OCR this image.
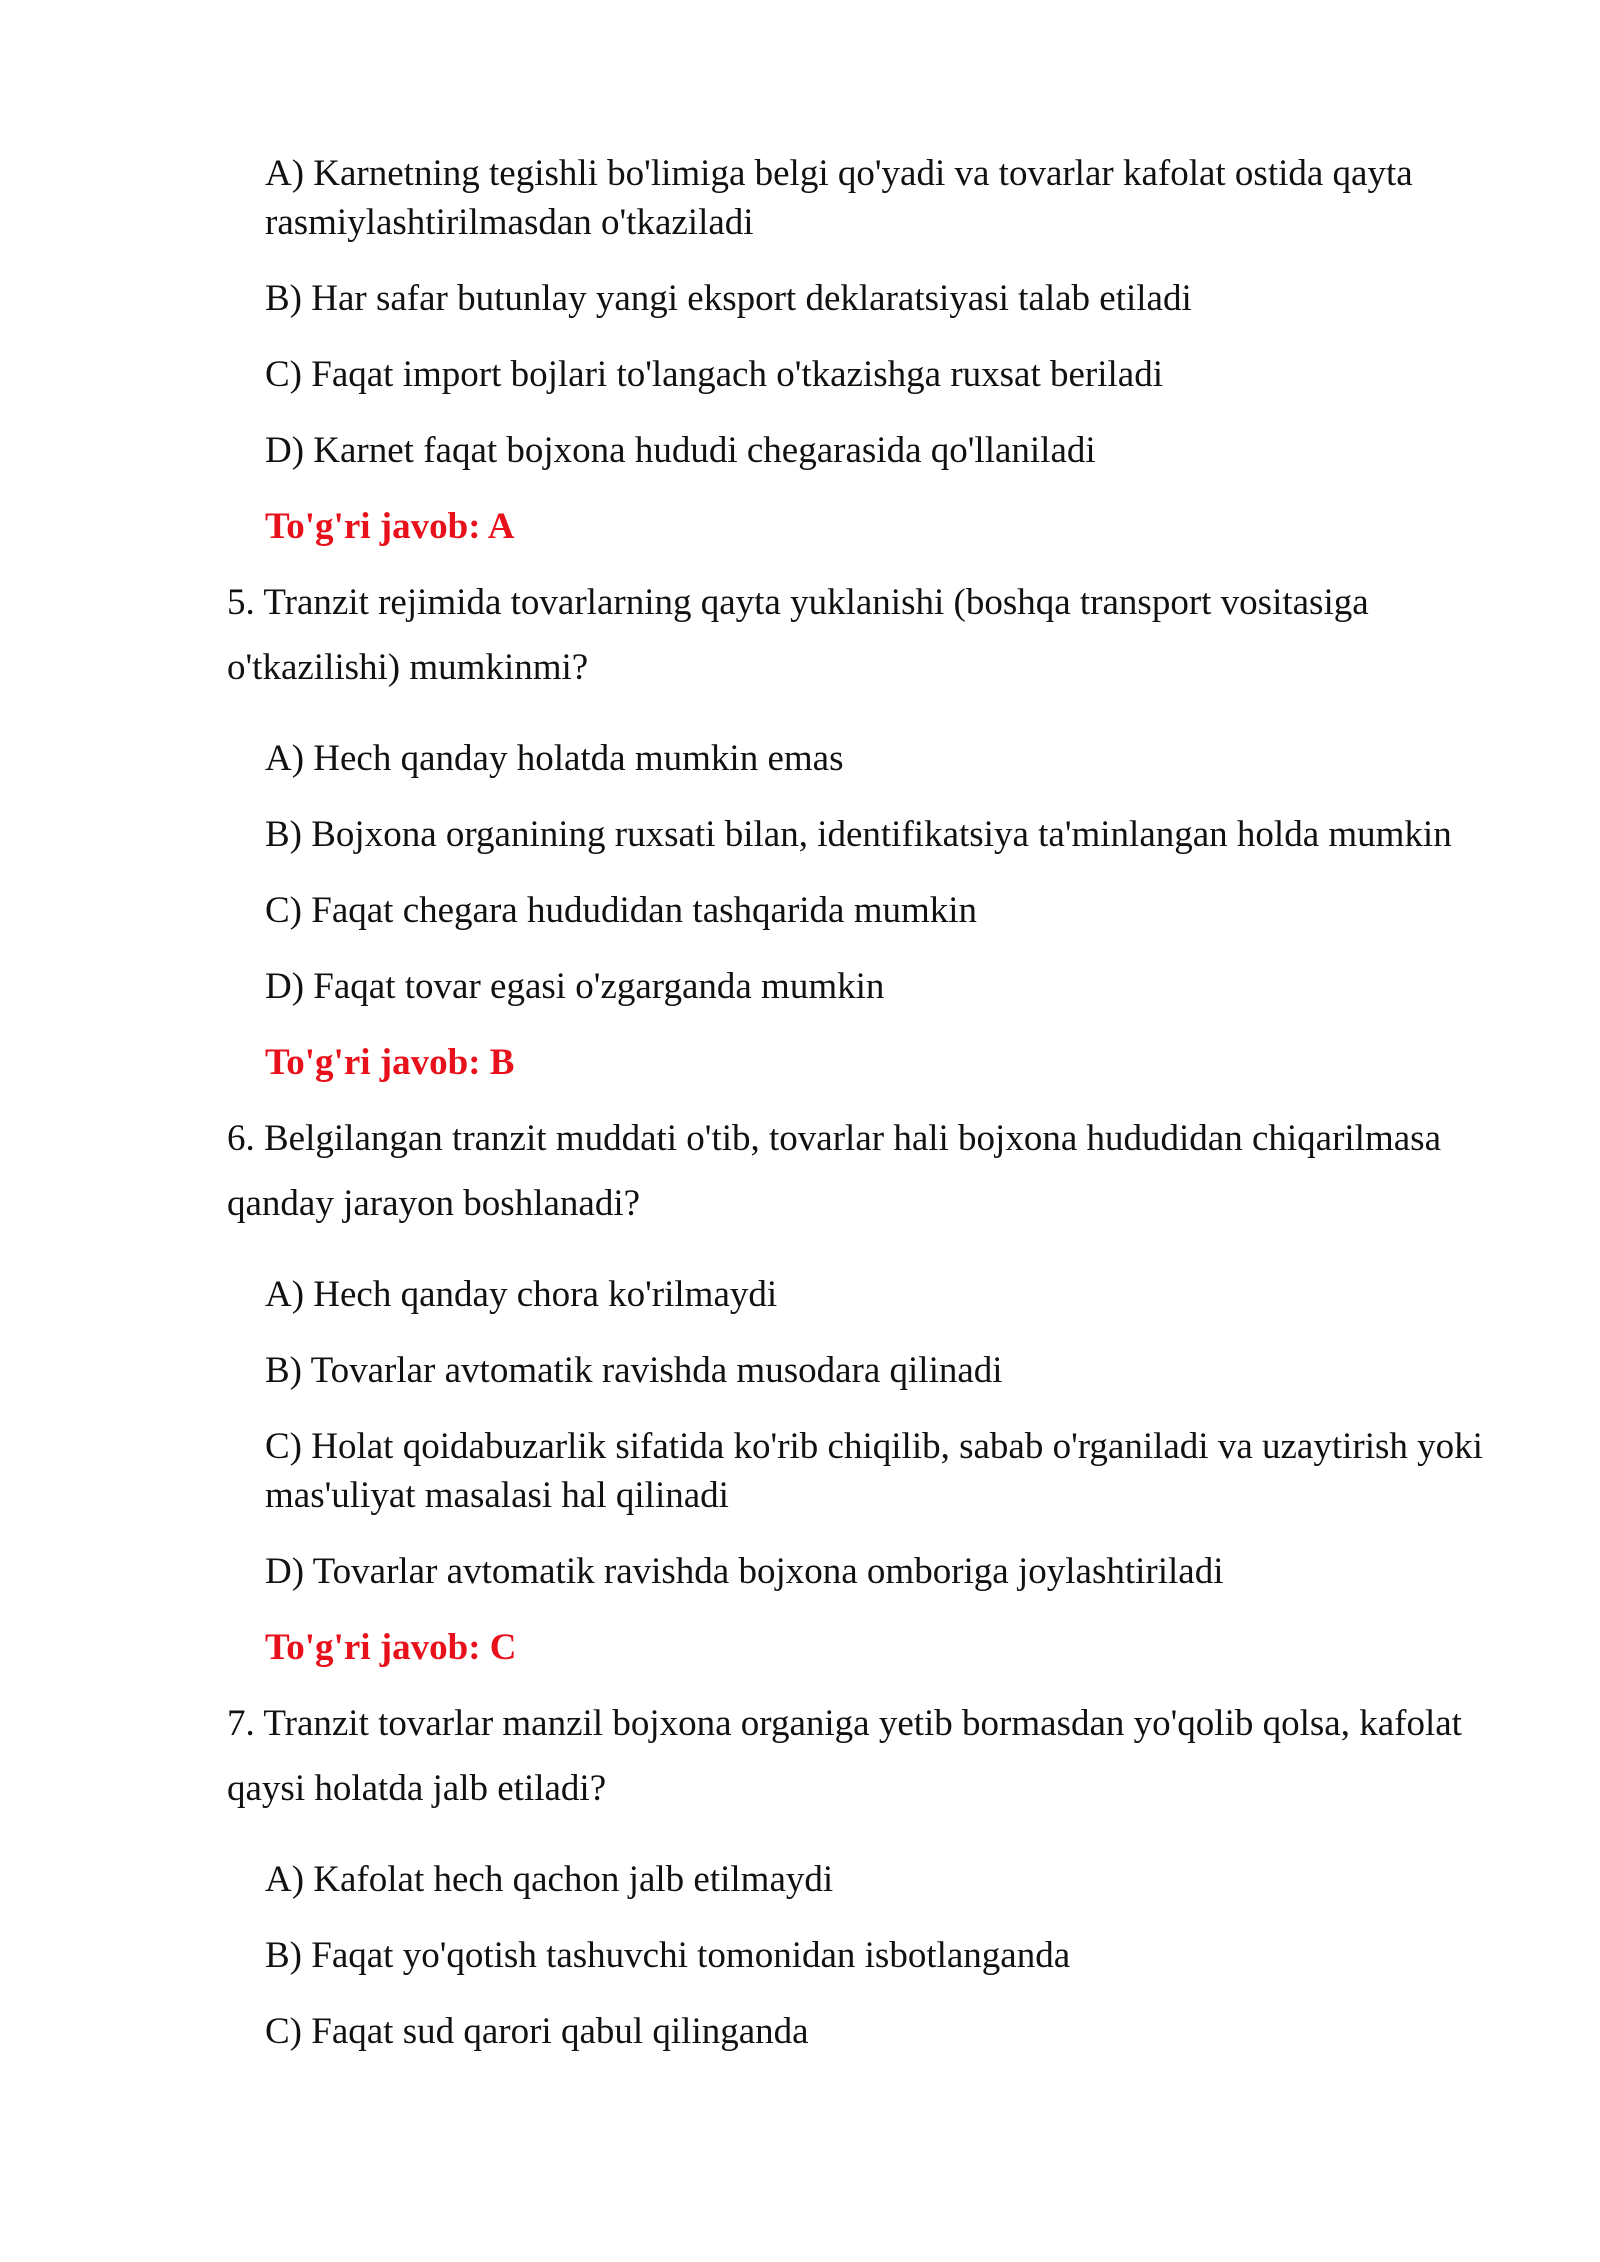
A) Karnetning tegishli bo'limiga belgi qo'yadi va tovarlar kafolat ostida qayta rasmiylashtirilmasdan o'tkaziladi

B) Har safar butunlay yangi eksport deklaratsiyasi talab etiladi

C) Faqat import bojlari to'langach o'tkazishga ruxsat beriladi

D) Karnet faqat bojxona hududi chegarasida qo'llaniladi

To'g'ri javob: A

5. Tranzit rejimida tovarlarning qayta yuklanishi (boshqa transport vositasiga o'tkazilishi) mumkinmi?

A) Hech qanday holatda mumkin emas

B) Bojxona organining ruxsati bilan, identifikatsiya ta'minlangan holda mumkin

C) Faqat chegara hududidan tashqarida mumkin

D) Faqat tovar egasi o'zgarganda mumkin

To'g'ri javob: B

6. Belgilangan tranzit muddati o'tib, tovarlar hali bojxona hududidan chiqarilmasa qanday jarayon boshlanadi?

A) Hech qanday chora ko'rilmaydi

B) Tovarlar avtomatik ravishda musodara qilinadi

C) Holat qoidabuzarlik sifatida ko'rib chiqilib, sabab o'rganiladi va uzaytirish yoki mas'uliyat masalasi hal qilinadi

D) Tovarlar avtomatik ravishda bojxona omboriga joylashtiriladi

To'g'ri javob: C

7. Tranzit tovarlar manzil bojxona organiga yetib bormasdan yo'qolib qolsa, kafolat qaysi holatda jalb etiladi?

A) Kafolat hech qachon jalb etilmaydi

B) Faqat yo'qotish tashuvchi tomonidan isbotlanganda

C) Faqat sud qarori qabul qilinganda
